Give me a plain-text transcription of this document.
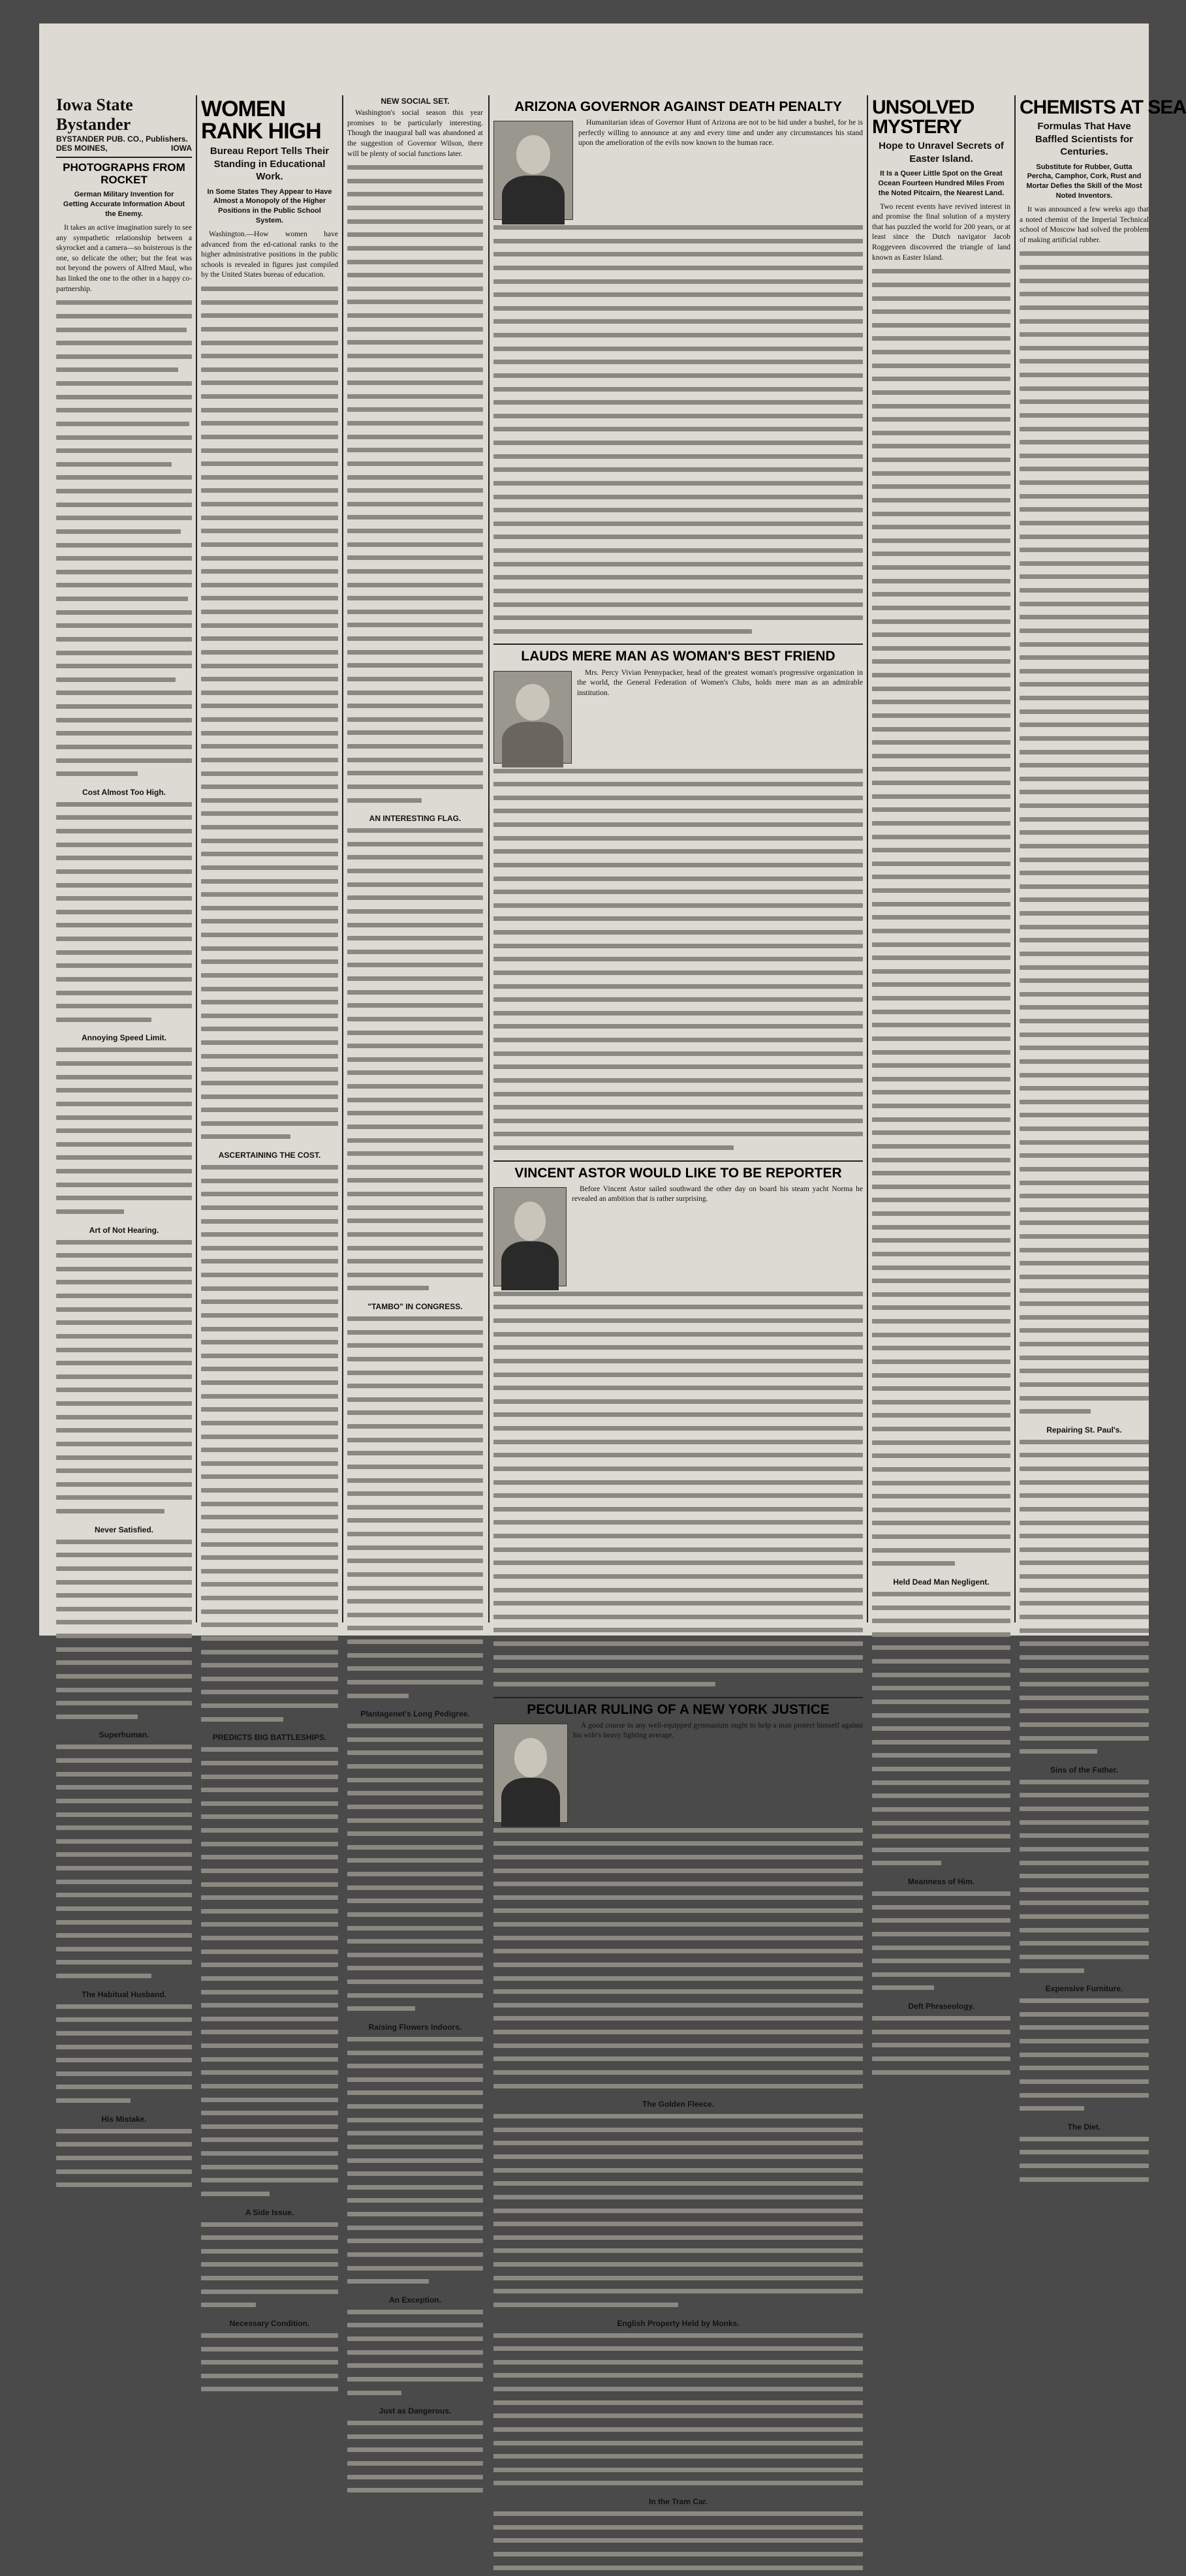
Iowa State Bystander
BYSTANDER PUB. CO., Publishers.
DES MOINES,	IOWA
PHOTOGRAPHS FROM ROCKET
German Military Invention for Getting Accurate Information About the Enemy.

It takes an active imagination surely to see any sympathetic relationship between a skyrocket and a camera—so boisterous is the one, so delicate the other; but the feat was not beyond the powers of Alfred Maul, who has linked the one to the other in a happy co-partnership.

Cost Almost Too High.
Annoying Speed Limit.
Art of Not Hearing.
Never Satisfied.
Superhuman.
The Habitual Husband.
His Mistake.
WOMEN RANK HIGH
Bureau Report Tells Their Standing in Educational Work.
In Some States They Appear to Have Almost a Monopoly of the Higher Positions in the Public School System.

Washington.—How women have advanced from the ed-cational ranks to the higher administrative positions in the public schools is revealed in figures just compiled by the United States bureau of education.

ASCERTAINING THE COST.
PREDICTS BIG BATTLESHIPS.
A Side Issue.
Necessary Condition.
NEW SOCIAL SET.

Washington's social season this year promises to be particularly interesting. Though the inaugural ball was abandoned at the suggestion of Governor Wilson, there will be plenty of social functions later.

AN INTERESTING FLAG.
"TAMBO" IN CONGRESS.
Plantagenet's Long Pedigree.
Raising Flowers Indoors.
An Exception.
Just as Dangerous.
ARIZONA GOVERNOR AGAINST DEATH PENALTY

Humanitarian ideas of Governor Hunt of Arizona are not to be hid under a bushel, for he is perfectly willing to announce at any and every time and under any circumstances his stand upon the amelioration of the evils now known to the human race.

LAUDS MERE MAN AS WOMAN'S BEST FRIEND

Mrs. Percy Vivian Pennypacker, head of the greatest woman's progressive organization in the world, the General Federation of Women's Clubs, holds mere man as an admirable institution.

VINCENT ASTOR WOULD LIKE TO BE REPORTER

Before Vincent Astor sailed southward the other day on board his steam yacht Norma he revealed an ambition that is rather surprising.

PECULIAR RULING OF A NEW YORK JUSTICE

A good course in any well-equipped gymnasium ought to help a man protect himself against his wife's heavy fighting average.

The Golden Fleece.
English Property Held by Monks.
In the Tram Car.
UNSOLVED MYSTERY
Hope to Unravel Secrets of Easter Island.
It Is a Queer Little Spot on the Great Ocean Fourteen Hundred Miles From the Noted Pitcairn, the Nearest Land.

Two recent events have revived interest in and promise the final solution of a mystery that has puzzled the world for 200 years, or at least since the Dutch navigator Jacob Roggeveen discovered the triangle of land known as Easter Island.

Held Dead Man Negligent.
Meanness of Him.
Deft Phraseology.
CHEMISTS AT SEA
Formulas That Have Baffled Scientists for Centuries.
Substitute for Rubber, Gutta Percha, Camphor, Cork, Rust and Mortar Defies the Skill of the Most Noted Inventors.

It was announced a few weeks ago that a noted chemist of the Imperial Technical school of Moscow had solved the problem of making artificial rubber.

Repairing St. Paul's.
Sins of the Father.
Expensive Furniture.
The Diet.
